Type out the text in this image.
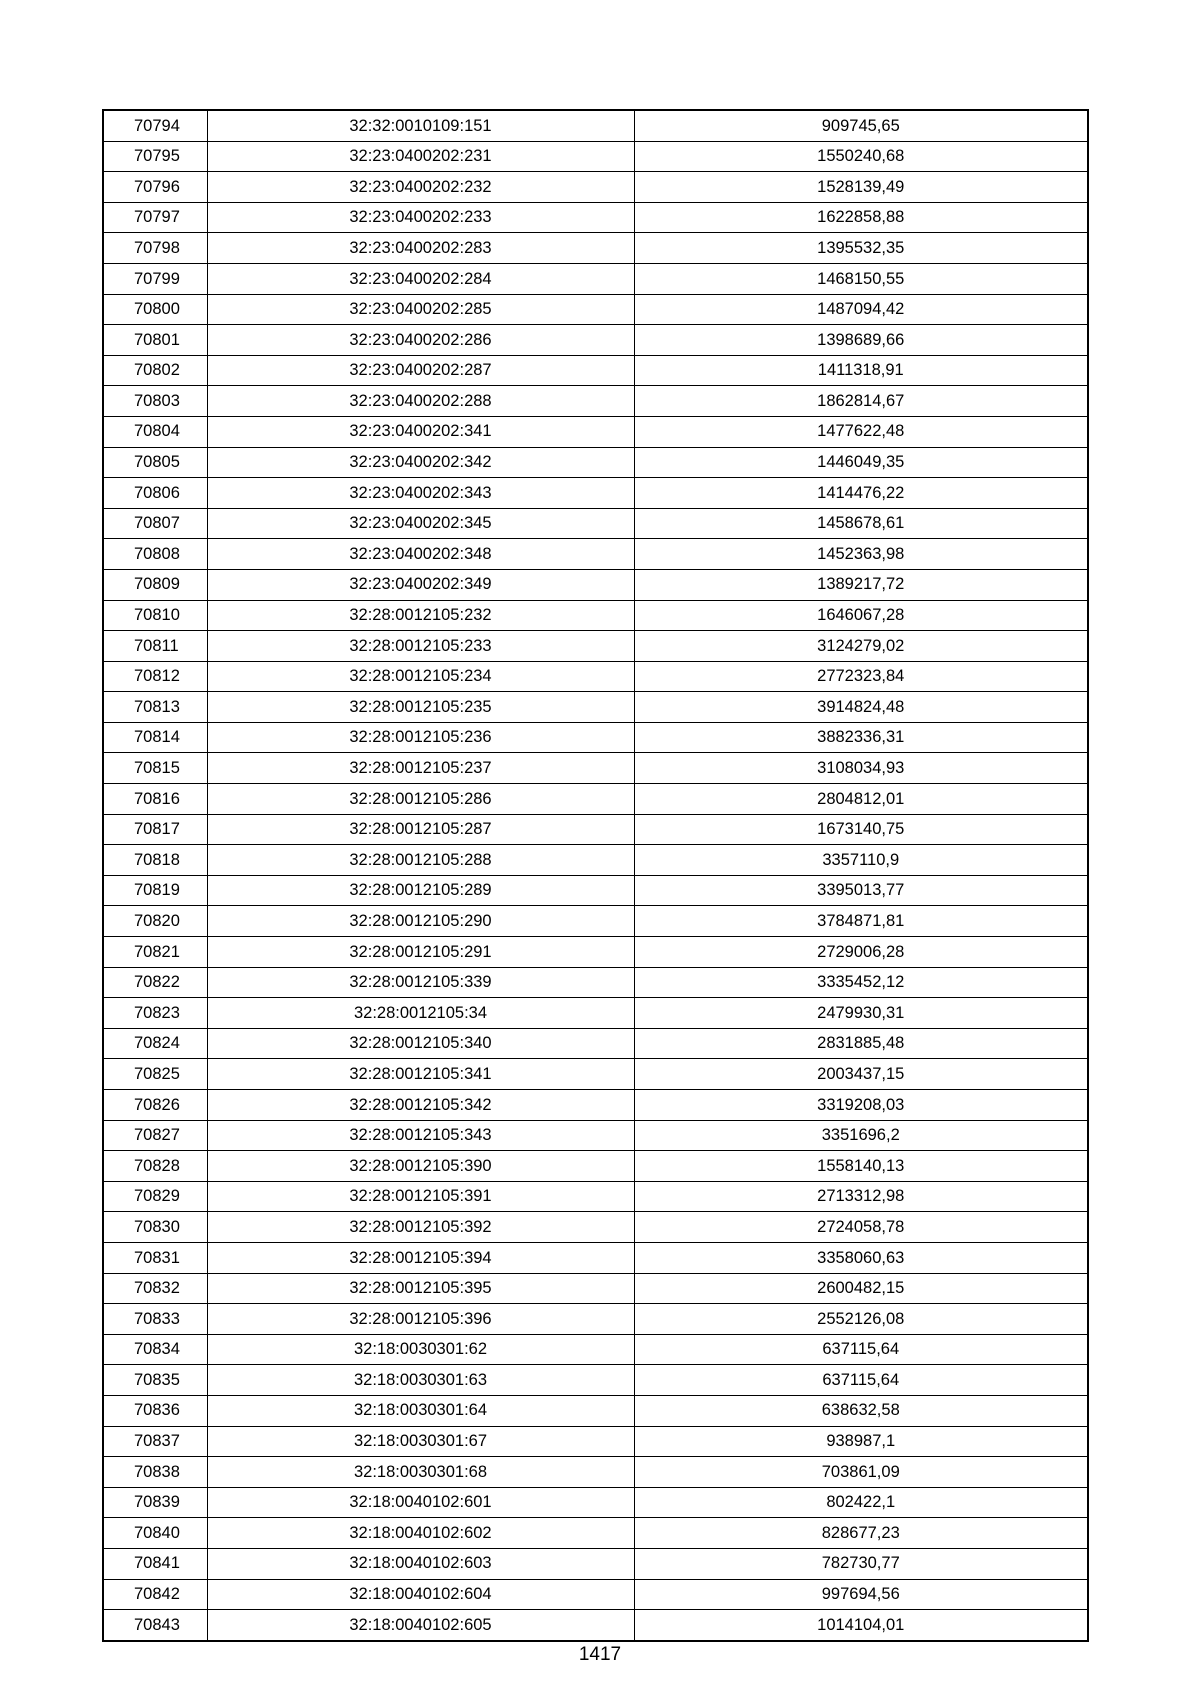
70794	32:32:0010109:151	909745,65
70795	32:23:0400202:231	1550240,68
70796	32:23:0400202:232	1528139,49
70797	32:23:0400202:233	1622858,88
70798	32:23:0400202:283	1395532,35
70799	32:23:0400202:284	1468150,55
70800	32:23:0400202:285	1487094,42
70801	32:23:0400202:286	1398689,66
70802	32:23:0400202:287	1411318,91
70803	32:23:0400202:288	1862814,67
70804	32:23:0400202:341	1477622,48
70805	32:23:0400202:342	1446049,35
70806	32:23:0400202:343	1414476,22
70807	32:23:0400202:345	1458678,61
70808	32:23:0400202:348	1452363,98
70809	32:23:0400202:349	1389217,72
70810	32:28:0012105:232	1646067,28
70811	32:28:0012105:233	3124279,02
70812	32:28:0012105:234	2772323,84
70813	32:28:0012105:235	3914824,48
70814	32:28:0012105:236	3882336,31
70815	32:28:0012105:237	3108034,93
70816	32:28:0012105:286	2804812,01
70817	32:28:0012105:287	1673140,75
70818	32:28:0012105:288	3357110,9
70819	32:28:0012105:289	3395013,77
70820	32:28:0012105:290	3784871,81
70821	32:28:0012105:291	2729006,28
70822	32:28:0012105:339	3335452,12
70823	32:28:0012105:34	2479930,31
70824	32:28:0012105:340	2831885,48
70825	32:28:0012105:341	2003437,15
70826	32:28:0012105:342	3319208,03
70827	32:28:0012105:343	3351696,2
70828	32:28:0012105:390	1558140,13
70829	32:28:0012105:391	2713312,98
70830	32:28:0012105:392	2724058,78
70831	32:28:0012105:394	3358060,63
70832	32:28:0012105:395	2600482,15
70833	32:28:0012105:396	2552126,08
70834	32:18:0030301:62	637115,64
70835	32:18:0030301:63	637115,64
70836	32:18:0030301:64	638632,58
70837	32:18:0030301:67	938987,1
70838	32:18:0030301:68	703861,09
70839	32:18:0040102:601	802422,1
70840	32:18:0040102:602	828677,23
70841	32:18:0040102:603	782730,77
70842	32:18:0040102:604	997694,56
70843	32:18:0040102:605	1014104,01
1417
